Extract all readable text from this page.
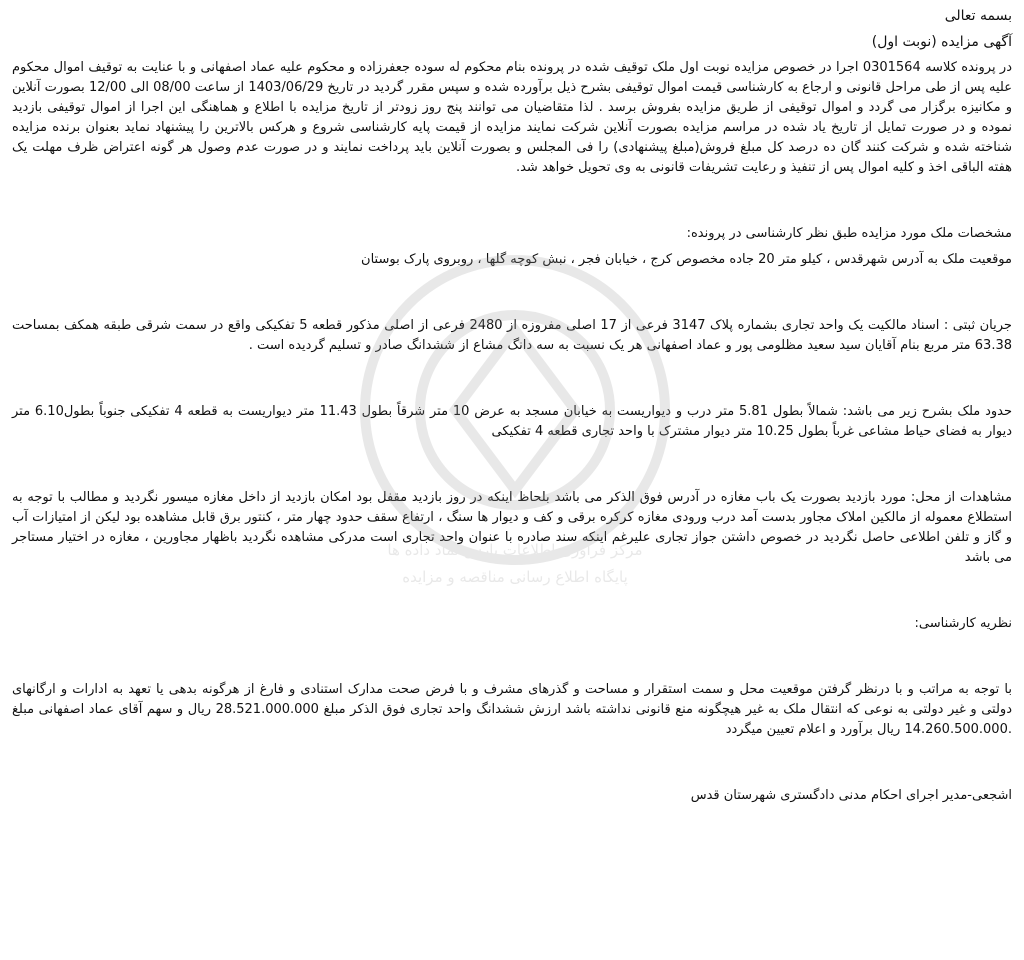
بسمه تعالی

آگهی مزایده (نوبت اول)

در پرونده کلاسه 0301564 اجرا در خصوص مزایده نوبت اول ملک توقیف شده در پرونده بنام محکوم له سوده جعفرزاده و محکوم علیه عماد اصفهانی و با عنایت به توقیف اموال محکوم علیه پس از طی مراحل قانونی و ارجاع به کارشناسی قیمت اموال توقیفی بشرح ذیل برآورده شده و سپس مقرر گردید در تاریخ 1403/06/29 از ساعت 08/00 الی 12/00 بصورت آنلاین و مکانیزه برگزار می گردد و اموال توقیفی از طریق مزایده بفروش برسد . لذا متقاضیان می توانند پنج روز زودتر از تاریخ مزایده با اطلاع و هماهنگی این اجرا از اموال توقیفی بازدید نموده و در صورت تمایل از تاریخ یاد شده در مراسم مزایده بصورت آنلاین شرکت نمایند مزایده از قیمت پایه کارشناسی شروع و هرکس بالاترین را پیشنهاد نماید بعنوان برنده مزایده شناخته شده و شرکت کنند گان ده درصد کل مبلغ فروش(مبلغ پیشنهادی) را فی المجلس و بصورت آنلاین باید پرداخت نمایند و در صورت عدم وصول هر گونه اعتراض ظرف مهلت یک هفته الباقی اخذ و کلیه اموال پس از تنفیذ و رعایت تشریفات قانونی به وی تحویل خواهد شد.

مشخصات ملک مورد مزایده طبق نظر کارشناسی در پرونده:

موقعیت ملک به آدرس شهرقدس ، کیلو متر 20 جاده مخصوص کرج ، خیابان فجر ، نبش کوچه گلها ، روبروی پارک بوستان

جریان ثبتی : اسناد مالکیت یک واحد تجاری بشماره پلاک 3147 فرعی از 17 اصلی مفروزه از 2480 فرعی از اصلی مذکور قطعه 5 تفکیکی واقع در سمت شرقی طبقه همکف بمساحت 63.38 متر مربع بنام آقایان سید سعید مظلومی پور و عماد اصفهانی هر یک نسبت به سه دانگ مشاع از ششدانگ صادر و تسلیم گردیده است .

حدود ملک بشرح زیر می باشد: شمالاً بطول 5.81 متر درب و دیواریست به خیابان مسجد به عرض 10 متر شرقاً بطول 11.43 متر دیواریست به قطعه 4 تفکیکی جنوباً بطول6.10 متر دیوار به فضای حیاط مشاعی غرباً بطول 10.25 متر دیوار مشترک با واحد تجاری قطعه 4 تفکیکی

مشاهدات از محل: مورد بازدید بصورت یک باب مغازه در آدرس فوق الذکر می باشد بلحاظ اینکه در روز بازدید مقفل بود امکان بازدید از داخل مغازه میسور نگردید و مطالب با توجه به استطلاع معموله از مالکین املاک مجاور بدست آمد درب ورودی مغازه کرکره برقی و کف و دیوار ها سنگ ، ارتفاع سقف حدود چهار متر ، کنتور برق قابل مشاهده بود لیکن از امتیازات آب و گاز و تلفن اطلاعی حاصل نگردید در خصوص داشتن جواز تجاری علیرغم اینکه سند صادره با عنوان واحد تجاری است مدرکی مشاهده نگردید باظهار مجاورین ، مغازه در اختیار مستاجر می باشد

نظریه کارشناسی:

با توجه به مراتب و با درنظر گرفتن موقعیت محل و سمت استقرار و مساحت و گذرهای مشرف و با فرض صحت مدارک استنادی و فارغ از هرگونه بدهی یا تعهد به ادارات و ارگانهای دولتی و غیر دولتی به نوعی که انتقال ملک به غیر هیچگونه منع قانونی نداشته باشد ارزش ششدانگ واحد تجاری فوق الذکر مبلغ 28.521.000.000 ریال و سهم آقای عماد اصفهانی مبلغ .14.260.500.000 ریال برآورد و اعلام تعیین میگردد

اشجعی-مدیر اجرای احکام مدنی دادگستری شهرستان قدس

مرکز فرآوری اطلاعات پارس نماد داده ها
پایگاه اطلاع رسانی مناقصه و مزایده
